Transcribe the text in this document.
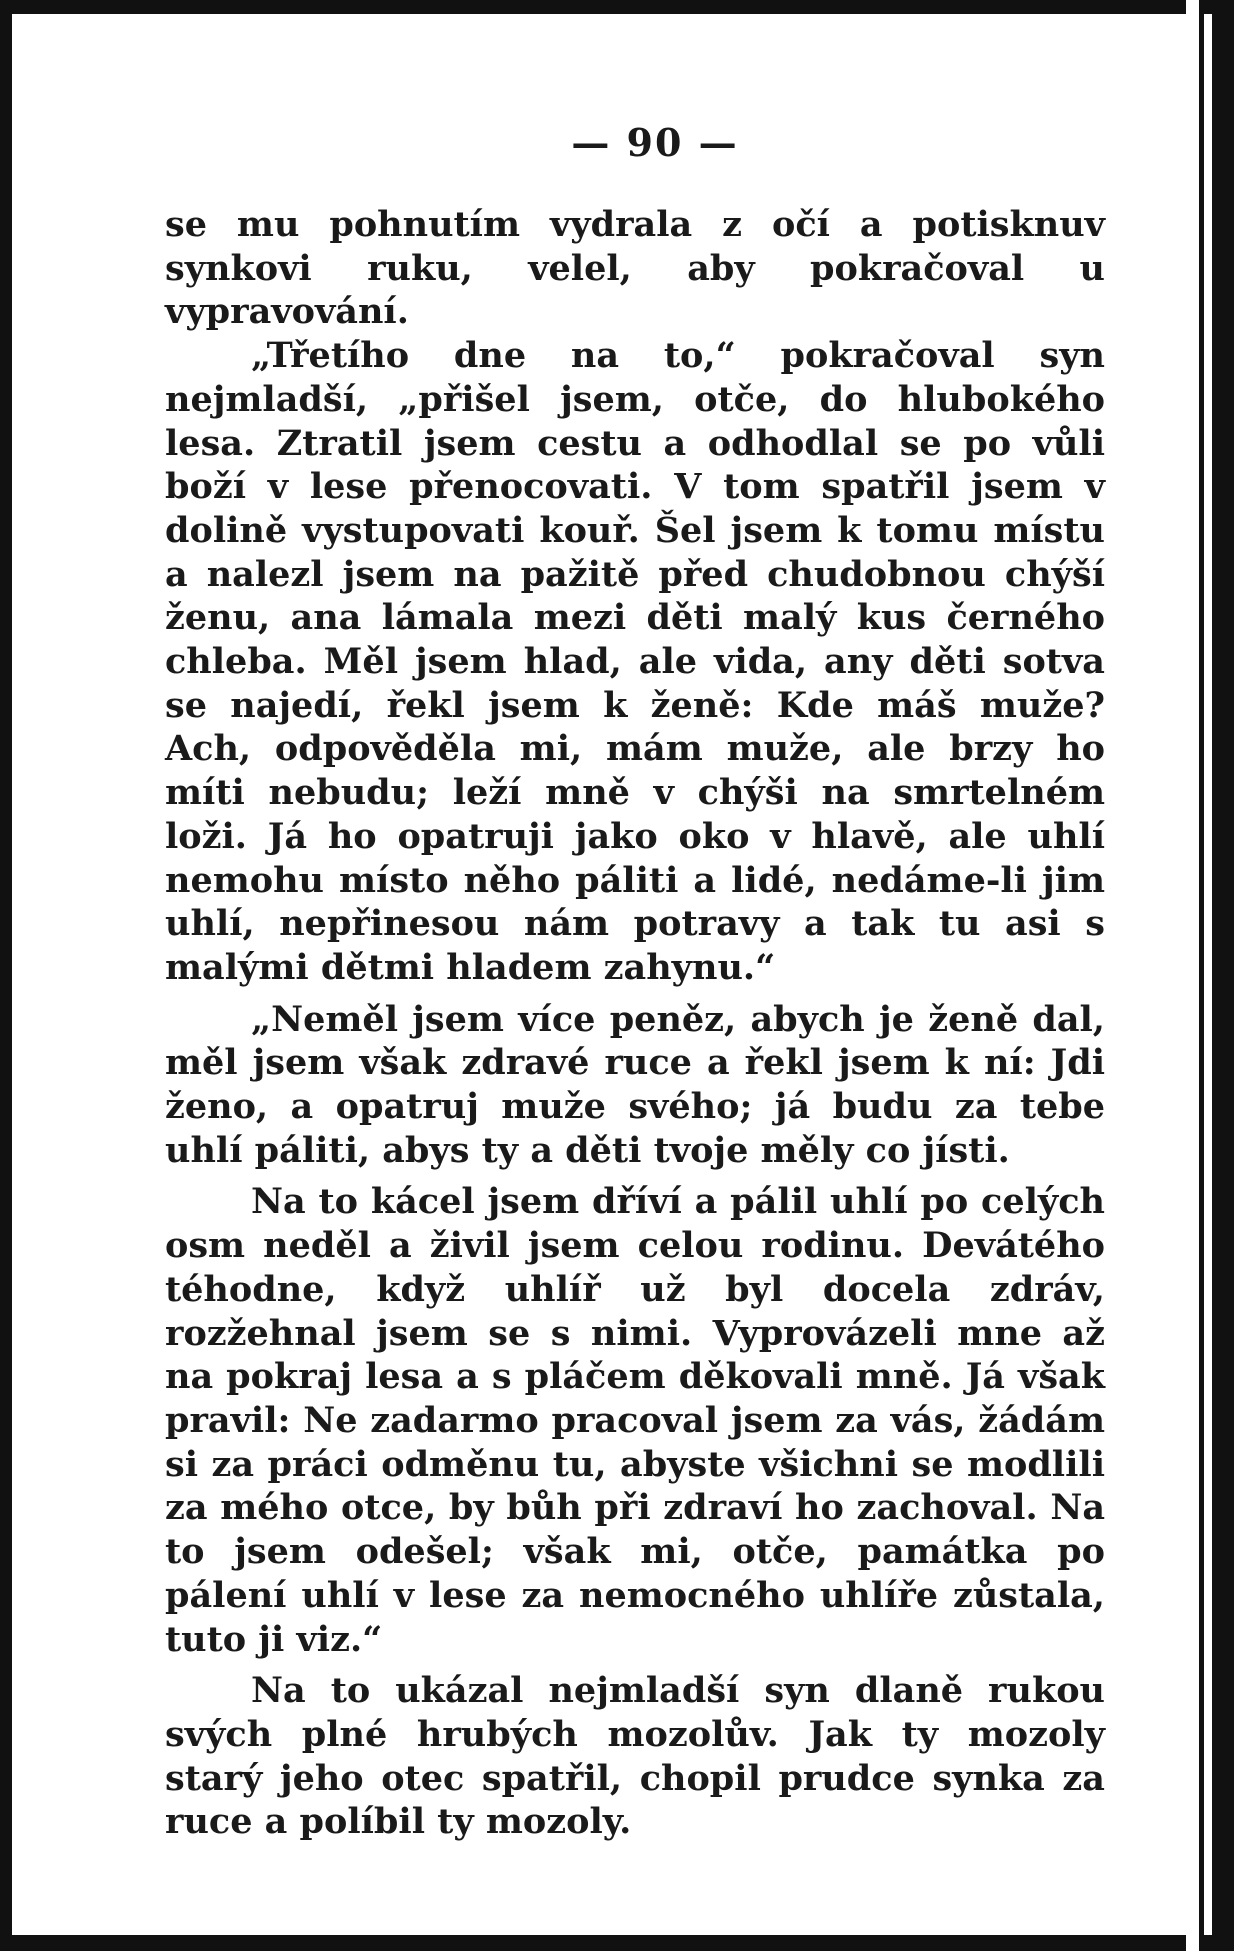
— 90 —

se mu pohnutím vydrala z očí a potisknuv synkovi ruku, velel, aby pokračoval u vypravování.

„Třetího dne na to,“ pokračoval syn nejmladší, „přišel jsem, otče, do hlubokého lesa. Ztratil jsem cestu a odhodlal se po vůli boží v lese přenocovati. V tom spatřil jsem v dolině vystupovati kouř. Šel jsem k tomu místu a nalezl jsem na pažitě před chudobnou chýší ženu, ana lámala mezi děti malý kus černého chleba. Měl jsem hlad, ale vida, any děti sotva se najedí, řekl jsem k ženě: Kde máš muže? Ach, odpověděla mi, mám muže, ale brzy ho míti nebudu; leží mně v chýši na smrtelném loži. Já ho opatruji jako oko v hlavě, ale uhlí nemohu místo něho páliti a lidé, nedáme-li jim uhlí, nepřinesou nám potravy a tak tu asi s malými dětmi hladem zahynu.“

„Neměl jsem více peněz, abych je ženě dal, měl jsem však zdravé ruce a řekl jsem k ní: Jdi ženo, a opatruj muže svého; já budu za tebe uhlí páliti, abys ty a děti tvoje měly co jísti.

Na to kácel jsem dříví a pálil uhlí po celých osm neděl a živil jsem celou rodinu. Devátého téhodne, když uhlíř už byl docela zdráv, rozžehnal jsem se s nimi. Vyprovázeli mne až na pokraj lesa a s pláčem děkovali mně. Já však pravil: Ne zadarmo pracoval jsem za vás, žádám si za práci odměnu tu, abyste všichni se modlili za mého otce, by bůh při zdraví ho zachoval. Na to jsem odešel; však mi, otče, památka po pálení uhlí v lese za nemocného uhlíře zůstala, tuto ji viz.“

Na to ukázal nejmladší syn dlaně rukou svých plné hrubých mozolův. Jak ty mozoly starý jeho otec spatřil, chopil prudce synka za ruce a políbil ty mozoly.
